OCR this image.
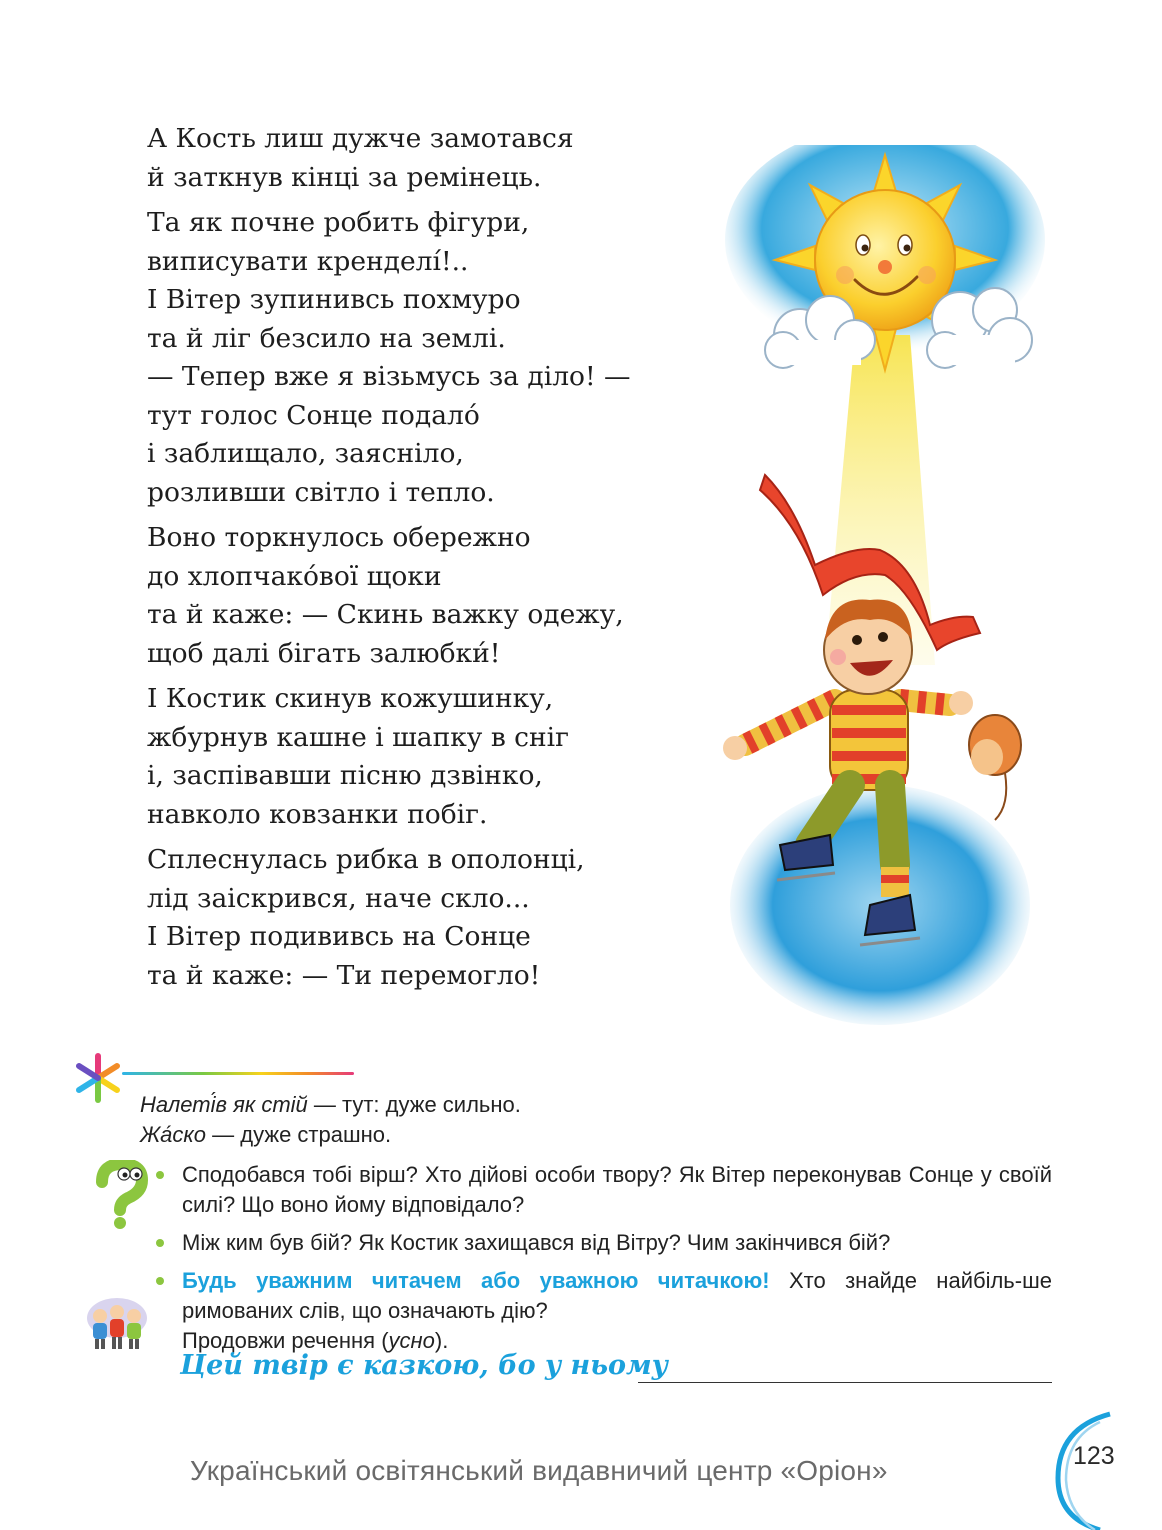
А Кость лиш дужче замотався
й заткнув кінці за ремінець.
Та як почне робить фігури,
виписувати кренделі́!..
І Вітер зупинивсь похмуро
та й ліг безсило на землі.
— Тепер вже я візьмусь за діло! —
тут голос Сонце подало́
і заблищало, заясніло,
розливши світло і тепло.
Воно торкнулось обережно
до хлопчако́вої щоки
та й каже: — Скинь важку одежу,
щоб далі бігать залюбки́!
І Костик скинув кожушинку,
жбурнув кашне і шапку в сніг
і, заспівавши пісню дзвінко,
навколо ковзанки побіг.
Сплеснулась рибка в ополонці,
лід заіскрився, наче скло...
І Вітер подививсь на Сонце
та й каже: — Ти перемогло!
Налеті́в як стій — тут: дуже сильно.
Жа́ско — дуже страшно.
Сподобався тобі вірш? Хто дійові особи твору? Як Вітер переконував Сонце у своїй силі? Що воно йому відповідало?
Між ким був бій? Як Костик захищався від Вітру? Чим закінчився бій?
Будь уважним читачем або уважною читачкою! Хто знайде найбіль-ше римованих слів, що означають дію?
Продовжи речення (усно).
Цей твір є казкою, бо у ньому
Український освітянський видавничий центр «Оріон»	123
